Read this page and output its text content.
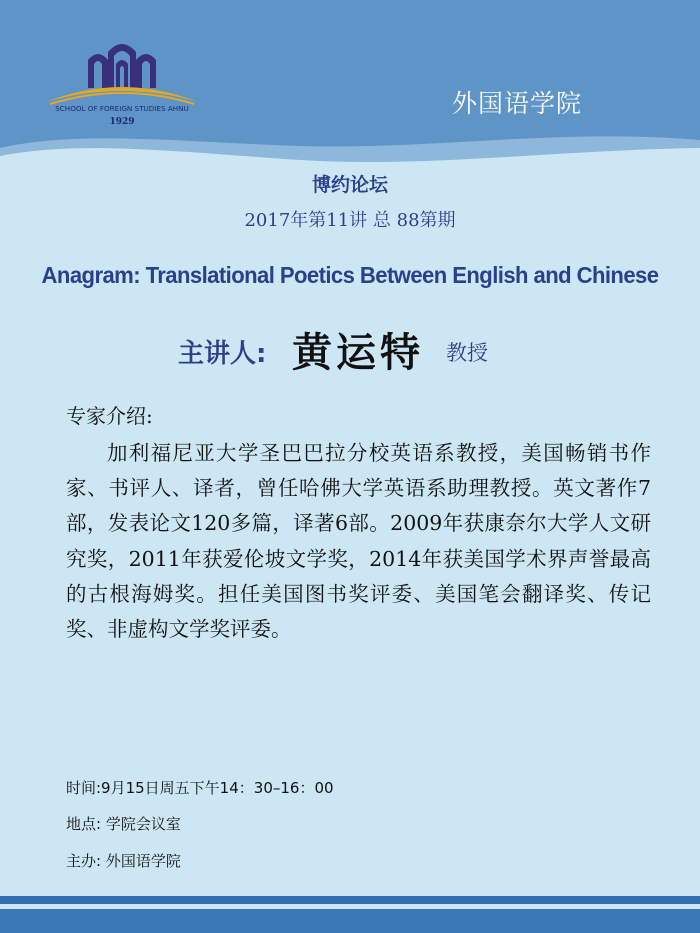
SCHOOL OF FOREIGN STUDIES AHNU
1929
外国语学院
博约论坛
2017年第11讲 总 88第期
Anagram: Translational Poetics Between English and Chinese
主讲人: 黄运特 教授
专家介绍:
加利福尼亚大学圣巴巴拉分校英语系教授，美国畅销书作家、书评人、译者，曾任哈佛大学英语系助理教授。英文著作7部，发表论文120多篇，译著6部。2009年获康奈尔大学人文研究奖，2011年获爱伦坡文学奖，2014年获美国学术界声誉最高的古根海姆奖。担任美国图书奖评委、美国笔会翻译奖、传记奖、非虚构文学奖评委。
时间:9月15日周五下午14：30–16：00
地点: 学院会议室
主办: 外国语学院
